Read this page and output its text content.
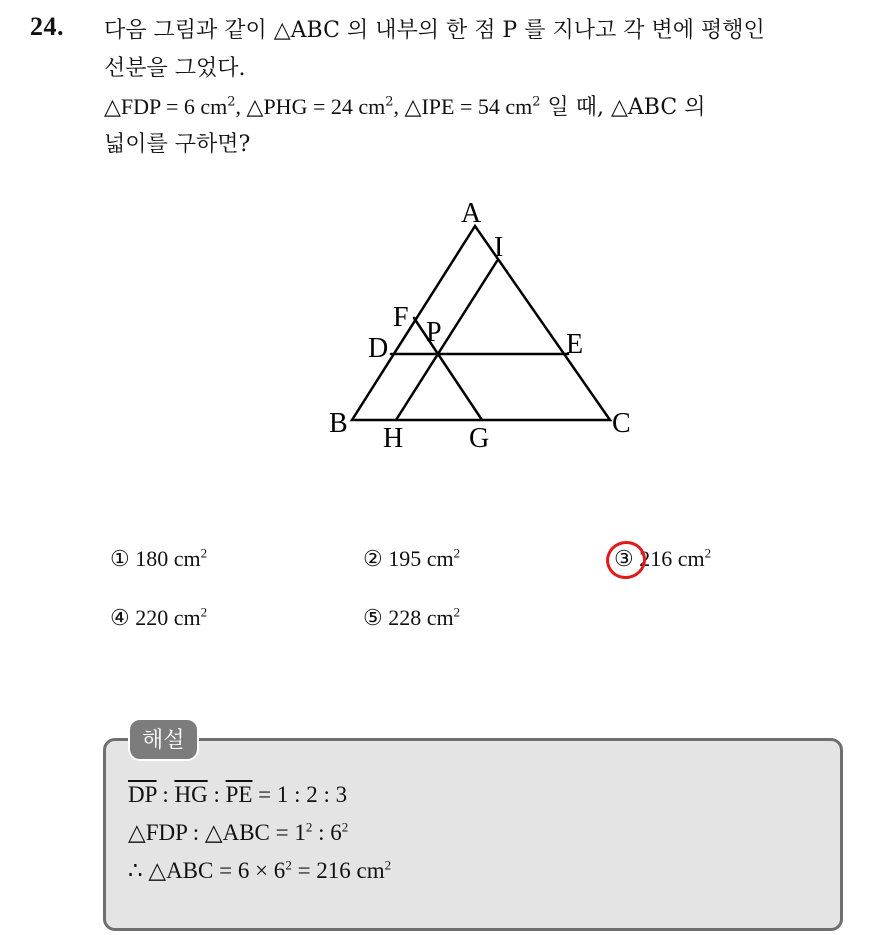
24. 다음 그림과 같이 △ABC 의 내부의 한 점 P 를 지나고 각 변에 평행인
선분을 그었다.
△FDP = 6 $cm^2$, △PHG = 24 $cm^2$, △IPE = 54 $cm^2$ 일 때, △ABC 의
넓이를 구하면?
A
I
F P
D	E
B	C
H G
① 180 $cm^2$	② 195 $cm^2$	③ 216 $cm^2$
④ 220 $cm^2$	⑤ 228 $cm^2$
해설
$\overline{DP}$ : $\overline{HG}$ : $\overline{PE} = 1$ : 2 : 3
△FDP : △ABC = $1^2$ : $6^2$
∴ △ABC = $6 \times 6^2 = 216$ $cm^2$
